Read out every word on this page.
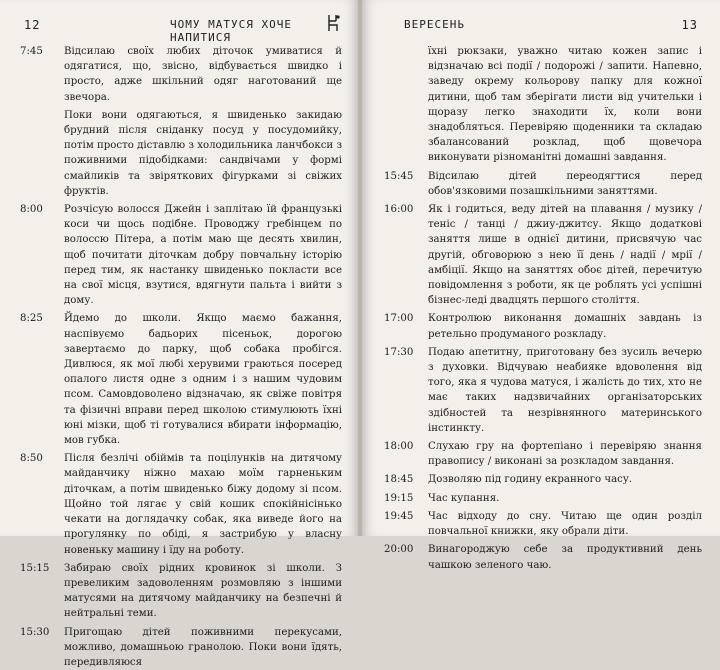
12	ЧОМУ МАТУСЯ ХОЧЕ НАПИТИСЯ
7:45	Відсилаю своїх любих діточок умиватися й одягатися, що, звісно, відбувається швидко і просто, адже шкільний одяг наготований ще звечора.
Поки вони одягаються, я швиденько закидаю брудний після сніданку посуд у посудомийку, потім просто діставлю з холодильника ланчбокси з поживними підобідками: сандвічами у формі смайликів та звіряткових фігурками зі свіжих фруктів.
8:00	Розчісую волосся Джейн і заплітаю їй французькі коси чи щось подібне. Проводжу гребінцем по волоссю Пітера, а потім маю ще десять хвилин, щоб почитати діточкам добру повчальну історію перед тим, як настанку швиденько покласти все на свої місця, взутися, вдягнути пальта і вийти з дому.
8:25	Йдемо до школи. Якщо маємо бажання, наспівуємо бадьорих пісеньок, дорогою завертаємо до парку, щоб собака пробігся. Дивлюся, як мої любі херувими граються посеред опалого листя одне з одним і з нашим чудовим псом. Самовдоволено відзначаю, як свіже повітря та фізичні вправи перед школою стимулюють їхні юні мізки, щоб ті готувалися вбирати інформацію, мов губка.
8:50	Після безлічі обіймів та поцілунків на дитячому майданчику ніжно махаю моїм гарненьким діточкам, а потім швиденько біжу додому зі псом. Щойно той лягає у свій кошик спокійнісінько чекати на доглядачку собак, яка виведе його на прогулянку по обіді, я застрибую у власну новеньку машину і їду на роботу.
15:15	Забираю своїх рідних кровинок зі школи. З превеликим задоволенням розмовляю з іншими матусями на дитячому майданчику на безпечні й нейтральні теми.
15:30	Пригощаю дітей поживними перекусами, можливо, домашньою гранолою. Поки вони їдять, передивляюся
ВЕРЕСЕНЬ	13
їхні рюкзаки, уважно читаю кожен запис і відзначаю всі події / подорожі / запити. Напевно, заведу окрему кольорову папку для кожної дитини, щоб там зберігати листи від учительки і щоразу легко знаходити їх, коли вони знадобляться. Перевіряю щоденники та складаю збалансований розклад, щоб щовечора виконувати різноманітні домашні завдання.
15:45	Відсилаю дітей переодягтися перед обов'язковими позашкільними заняттями.
16:00	Як і годиться, веду дітей на плавання / музику / теніс / танці / джиу-джитсу. Якщо додаткові заняття лише в однієї дитини, присвячую час другій, обговорюю з нею її день / надії / мрії / амбіції. Якщо на заняттях обоє дітей, перечитую повідомлення з роботи, як це роблять усі успішні бізнес-леді двадцять першого століття.
17:00	Контролюю виконання домашніх завдань із ретельно продуманого розкладу.
17:30	Подаю апетитну, приготовану без зусиль вечерю з духовки. Відчуваю неабияке вдоволення від того, яка я чудова матуся, і жалість до тих, хто не має таких надзвичайних організаторських здібностей та незрівнянного материнського інстинкту.
18:00	Слухаю гру на фортепіано і перевіряю знання правопису / виконані за розкладом завдання.
18:45	Дозволяю під годину екранного часу.
19:15	Час купання.
19:45	Час відходу до сну. Читаю ще один розділ повчальної книжки, яку обрали діти.
20:00	Винагороджую себе за продуктивний день чашкою зеленого чаю.
